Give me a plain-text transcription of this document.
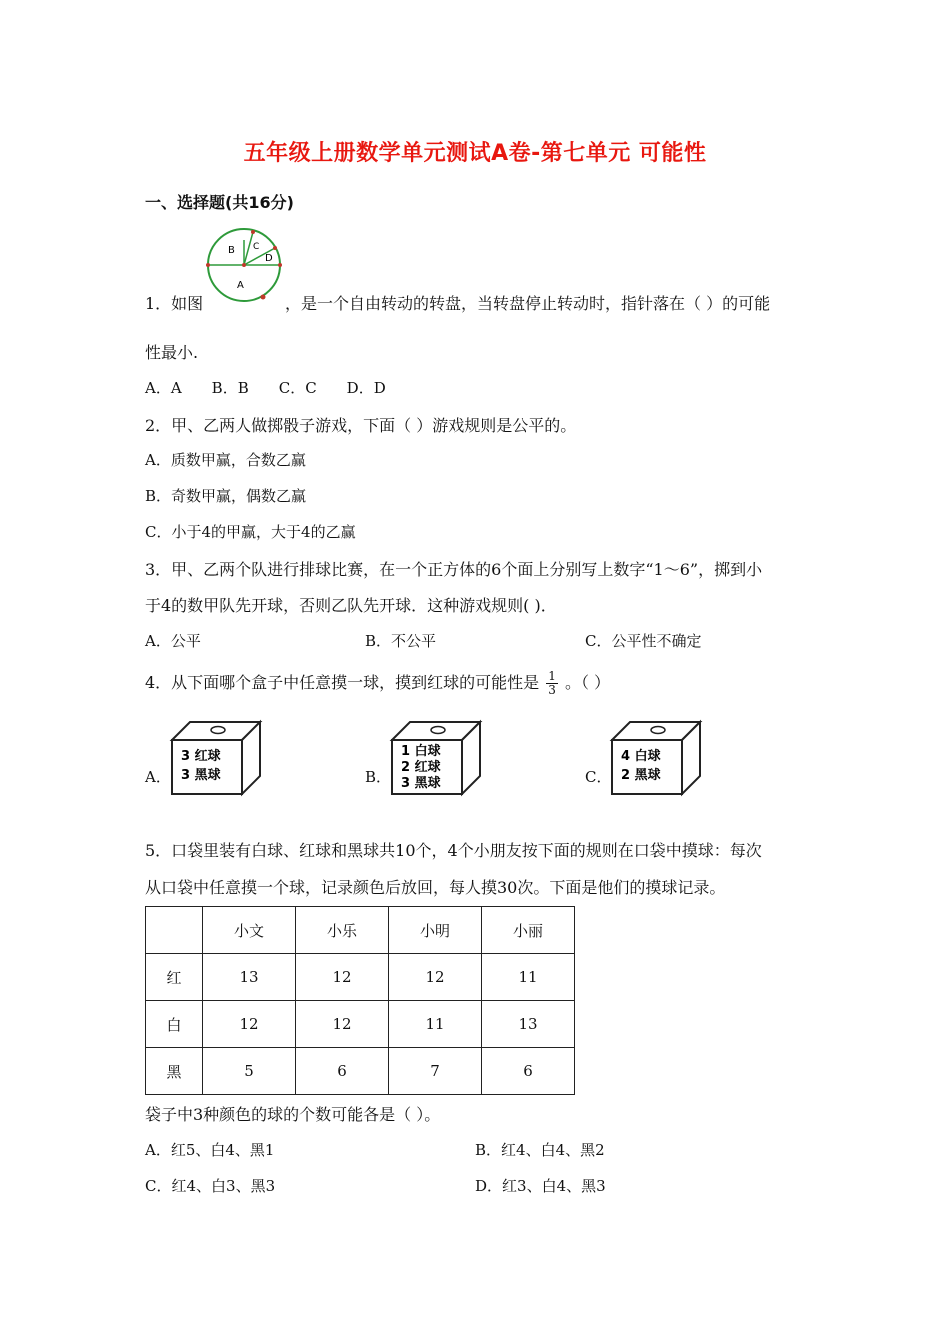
五年级上册数学单元测试A卷-第七单元 可能性
一、选择题(共16分)
A
B C
D
1．如图	，是一个自由转动的转盘，当转盘停止转动时，指针落在（ ）的可能
性最小.
A．A　　B．B　　C．C　　D．D
2．甲、乙两人做掷骰子游戏，下面（ ）游戏规则是公平的。
A．质数甲赢，合数乙赢
B．奇数甲赢，偶数乙赢
C．小于4的甲赢，大于4的乙赢
3．甲、乙两个队进行排球比赛，在一个正方体的6个面上分别写上数字“1～6”，掷到小
于4的数甲队先开球，否则乙队先开球．这种游戏规则( )．
A．公平	B．不公平	C．公平性不确定
4．从下面哪个盒子中任意摸一球，摸到红球的可能性是 $\frac{1}{3}$ 。（ ）
A．
3 红球
3 黑球	B．
1 白球
2 红球
3 黑球	C．
4 白球
2 黑球
5．口袋里装有白球、红球和黑球共10个，4个小朋友按下面的规则在口袋中摸球：每次
从口袋中任意摸一个球，记录颜色后放回，每人摸30次。下面是他们的摸球记录。
	小文	小乐	小明	小丽
红	13	12	12	11
白	12	12	11	13
黑	5	6	7	6
袋子中3种颜色的球的个数可能各是（ ）。
A．红5、白4、黑1	B．红4、白4、黑2
C．红4、白3、黑3	D．红3、白4、黑3
